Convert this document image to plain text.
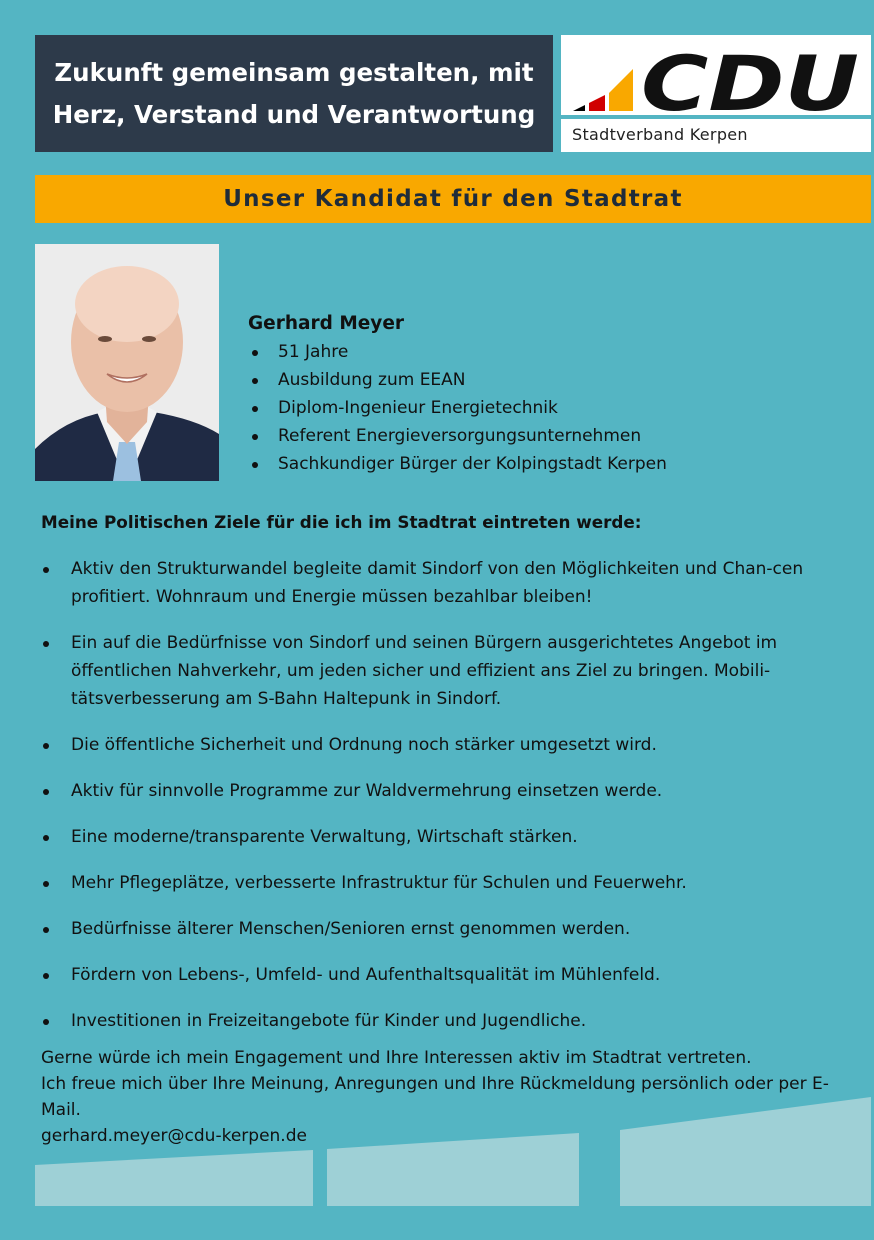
Zukunft gemeinsam gestalten, mit
Herz, Verstand und Verantwortung CDU
Stadtverband Kerpen
Unser Kandidat für den Stadtrat
Gerhard Meyer
51 Jahre
Ausbildung zum EEAN
Diplom-Ingenieur Energietechnik
Referent Energieversorgungsunternehmen
Sachkundiger Bürger der Kolpingstadt Kerpen
Meine Politischen Ziele für die ich im Stadtrat eintreten werde:
Aktiv den Strukturwandel begleite damit Sindorf von den Möglichkeiten und Chan-cen profitiert. Wohnraum und Energie müssen bezahlbar bleiben!
Ein auf die Bedürfnisse von Sindorf und seinen Bürgern ausgerichtetes Angebot im öffentlichen Nahverkehr, um jeden sicher und effizient ans Ziel zu bringen. Mobili-tätsverbesserung am S-Bahn Haltepunk in Sindorf.
Die öffentliche Sicherheit und Ordnung noch stärker umgesetzt wird.
Aktiv für sinnvolle Programme zur Waldvermehrung einsetzen werde.
Eine moderne/transparente Verwaltung, Wirtschaft stärken.
Mehr Pflegeplätze, verbesserte Infrastruktur für Schulen und Feuerwehr.
Bedürfnisse älterer Menschen/Senioren ernst genommen werden.
Fördern von Lebens-, Umfeld- und Aufenthaltsqualität im Mühlenfeld.
Investitionen in Freizeitangebote für Kinder und Jugendliche.

Gerne würde ich mein Engagement und Ihre Interessen aktiv im Stadtrat vertreten.

Ich freue mich über Ihre Meinung, Anregungen und Ihre Rückmeldung persönlich oder per E-Mail.

gerhard.meyer@cdu-kerpen.de
